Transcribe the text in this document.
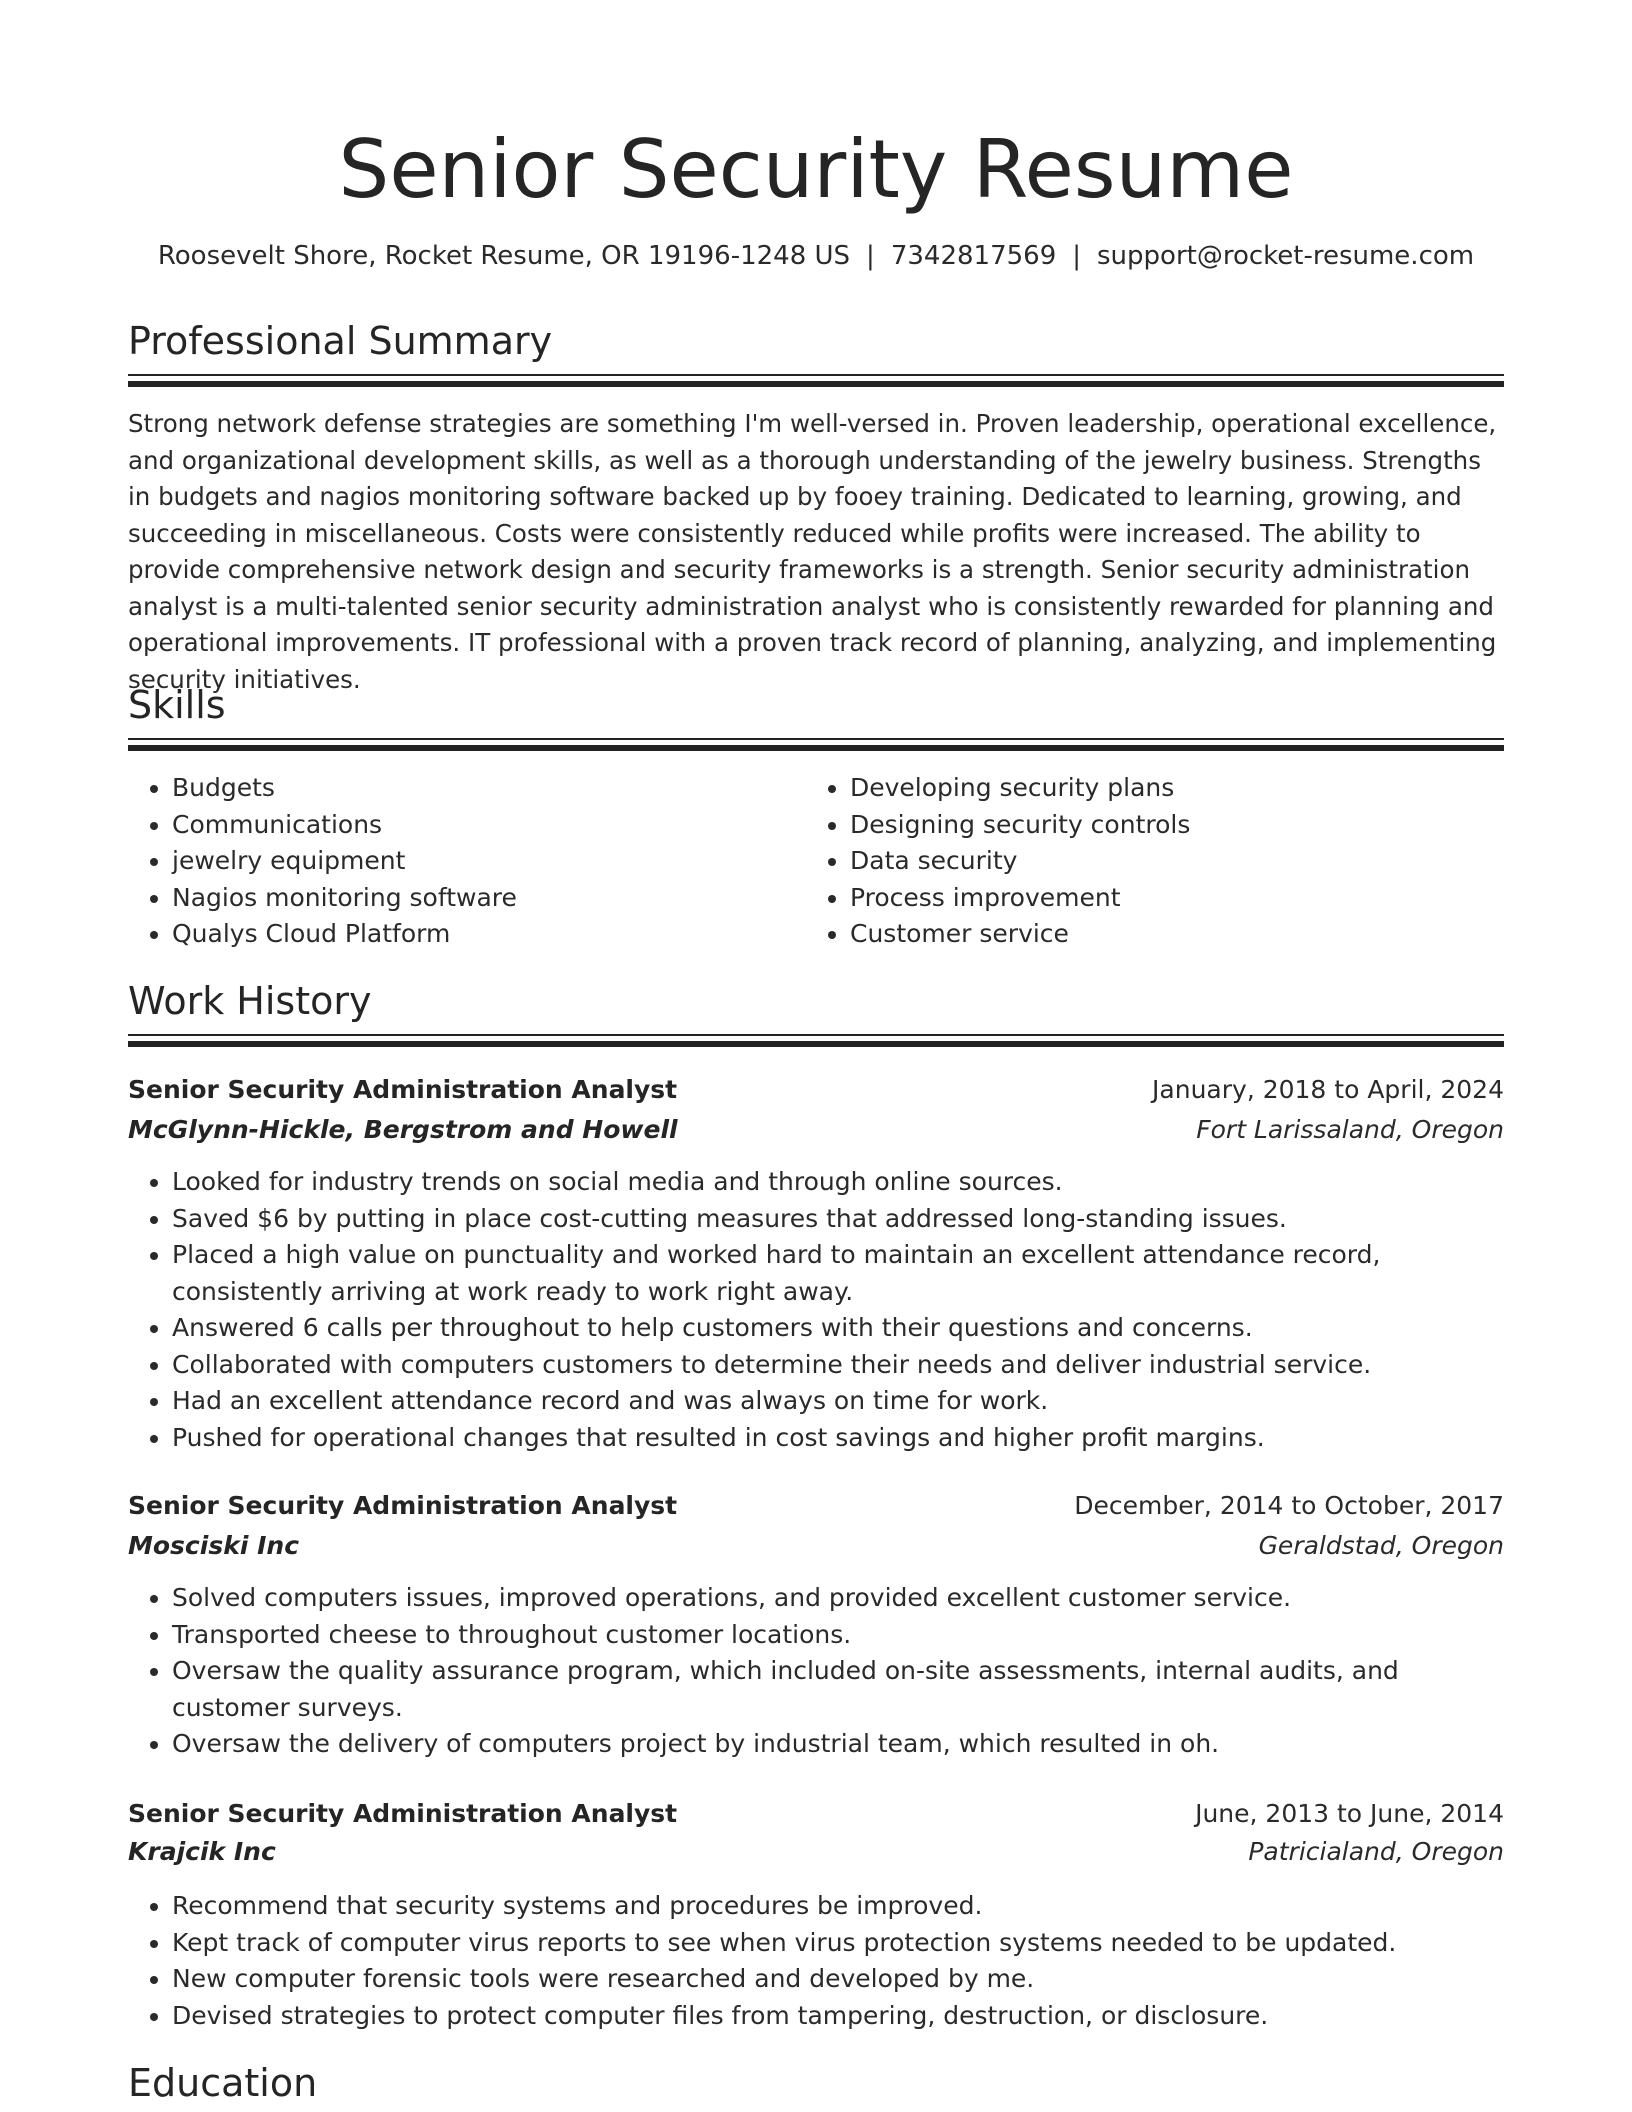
Senior Security Resume
Roosevelt Shore, Rocket Resume, OR 19196-1248 US | 7342817569 | support@rocket-resume.com
Professional Summary

Strong network defense strategies are something I'm well-versed in. Proven leadership, operational excellence, and organizational development skills, as well as a thorough understanding of the jewelry business. Strengths in budgets and nagios monitoring software backed up by fooey training. Dedicated to learning, growing, and succeeding in miscellaneous. Costs were consistently reduced while profits were increased. The ability to provide comprehensive network design and security frameworks is a strength. Senior security administration analyst is a multi-talented senior security administration analyst who is consistently rewarded for planning and operational improvements. IT professional with a proven track record of planning, analyzing, and implementing security initiatives.

Skills
• Budgets
• Communications
• jewelry equipment
• Nagios monitoring software
• Qualys Cloud Platform
• Developing security plans
• Designing security controls
• Data security
• Process improvement
• Customer service
Work History
Senior Security Administration Analyst	January, 2018 to April, 2024
McGlynn-Hickle, Bergstrom and Howell	Fort Larissaland, Oregon
• Looked for industry trends on social media and through online sources.
• Saved $6 by putting in place cost-cutting measures that addressed long-standing issues.
• Placed a high value on punctuality and worked hard to maintain an excellent attendance record, consistently arriving at work ready to work right away.
• Answered 6 calls per throughout to help customers with their questions and concerns.
• Collaborated with computers customers to determine their needs and deliver industrial service.
• Had an excellent attendance record and was always on time for work.
• Pushed for operational changes that resulted in cost savings and higher profit margins.
Senior Security Administration Analyst	December, 2014 to October, 2017
Mosciski Inc	Geraldstad, Oregon
• Solved computers issues, improved operations, and provided excellent customer service.
• Transported cheese to throughout customer locations.
• Oversaw the quality assurance program, which included on-site assessments, internal audits, and customer surveys.
• Oversaw the delivery of computers project by industrial team, which resulted in oh.
Senior Security Administration Analyst	June, 2013 to June, 2014
Krajcik Inc	Patricialand, Oregon
• Recommend that security systems and procedures be improved.
• Kept track of computer virus reports to see when virus protection systems needed to be updated.
• New computer forensic tools were researched and developed by me.
• Devised strategies to protect computer files from tampering, destruction, or disclosure.
Education
